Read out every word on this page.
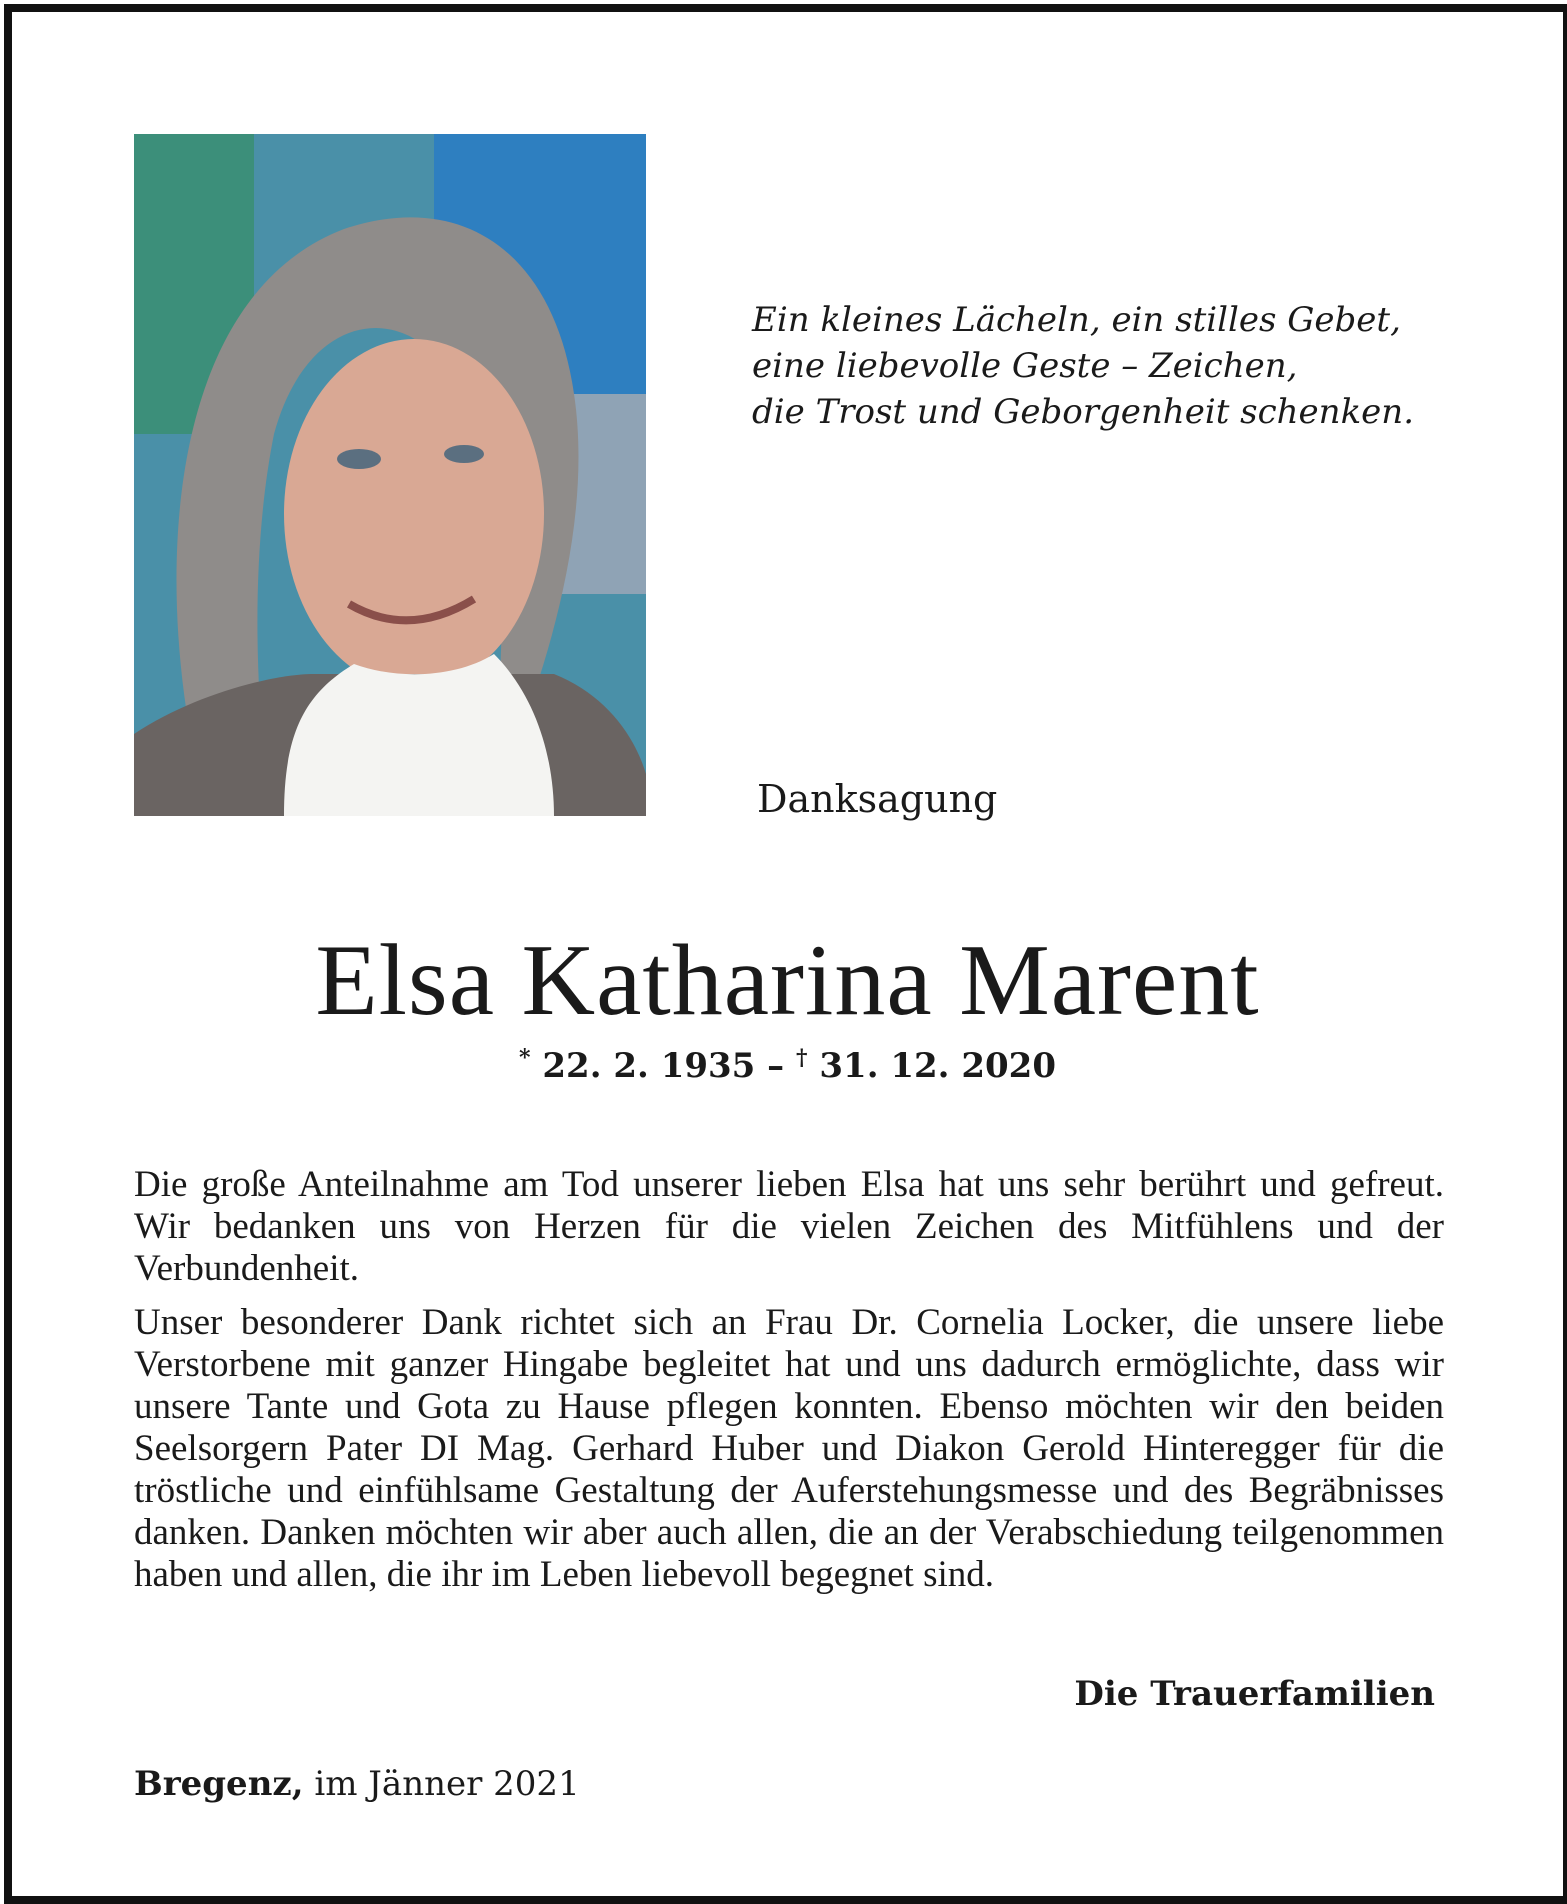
Ein kleines Lächeln, ein stilles Gebet,
eine liebevolle Geste – Zeichen,
die Trost und Geborgenheit schenken.
Danksagung
Elsa Katharina Marent
* 22. 2. 1935 – † 31. 12. 2020

Die große Anteilnahme am Tod unserer lieben Elsa hat uns sehr berührt und gefreut. Wir bedanken uns von Herzen für die vielen Zeichen des Mitfühlens und der Verbundenheit.

Unser besonderer Dank richtet sich an Frau Dr. Cornelia Locker, die unsere liebe Verstorbene mit ganzer Hingabe begleitet hat und uns dadurch ermöglichte, dass wir unsere Tante und Gota zu Hause pflegen konnten. Ebenso möchten wir den beiden Seelsorgern Pater DI Mag. Gerhard Huber und Diakon Gerold Hinteregger für die tröstliche und einfühlsame Gestaltung der Auferstehungsmesse und des Begräbnisses danken. Danken möchten wir aber auch allen, die an der Verabschiedung teilgenommen haben und allen, die ihr im Leben liebevoll begegnet sind.

Die Trauerfamilien
Bregenz, im Jänner 2021
